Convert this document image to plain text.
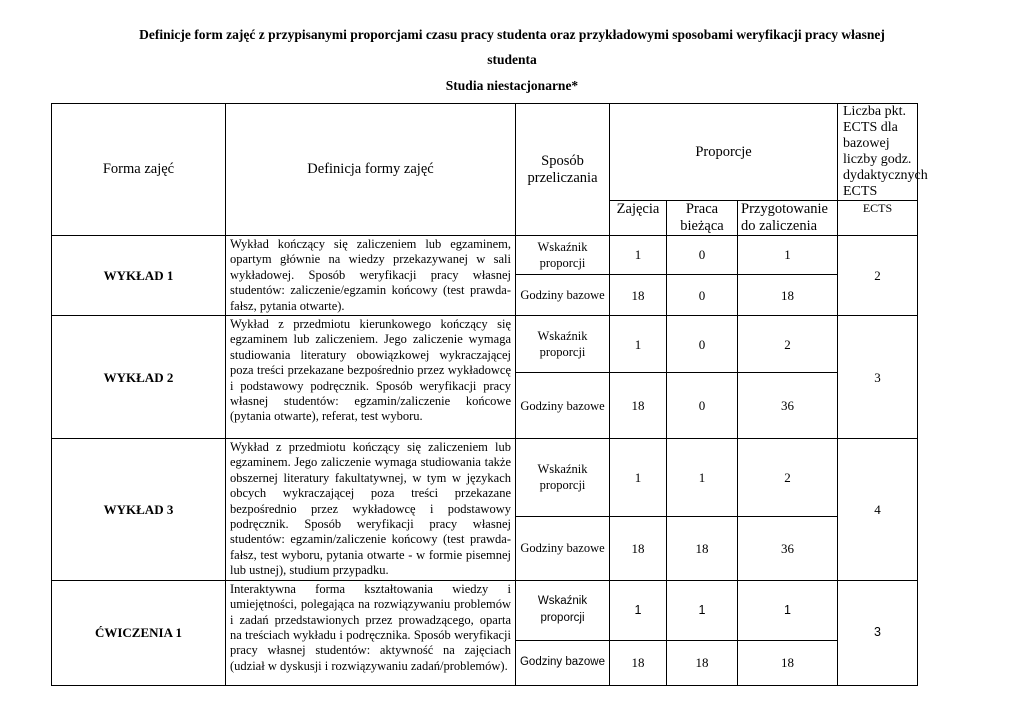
Definicje form zajęć z przypisanymi proporcjami czasu pracy studenta oraz przykładowymi sposobami weryfikacji pracy własnej
studenta
Studia niestacjonarne*
Forma zajęć	Definicja formy zajęć	Sposób przeliczania	Proporcje			Liczba pkt. ECTS dla bazowej liczby godz. dydaktycznych ECTS
			Zajęcia	Praca bieżąca	Przygotowanie do zaliczenia	ECTS
WYKŁAD 1	Wykład kończący się zaliczeniem lub egzaminem, opartym głównie na wiedzy przekazywanej w sali wykładowej. Sposób weryfikacji pracy własnej studentów: zaliczenie/egzamin końcowy (test prawda-fałsz, pytania otwarte).	Wskaźnik proporcji	1	0	1	2
		Godziny bazowe	18	0	18	
WYKŁAD 2	Wykład z przedmiotu kierunkowego kończący się egzaminem lub zaliczeniem. Jego zaliczenie wymaga studiowania literatury obowiązkowej wykraczającej poza treści przekazane bezpośrednio przez wykładowcę i podstawowy podręcznik. Sposób weryfikacji pracy własnej studentów: egzamin/zaliczenie końcowe (pytania otwarte), referat, test wyboru.	Wskaźnik proporcji	1	0	2	3
		Godziny bazowe	18	0	36	
WYKŁAD 3	Wykład z przedmiotu kończący się zaliczeniem lub egzaminem. Jego zaliczenie wymaga studiowania także obszernej literatury fakultatywnej, w tym w językach obcych wykraczającej poza treści przekazane bezpośrednio przez wykładowcę i podstawowy podręcznik. Sposób weryfikacji pracy własnej studentów: egzamin/zaliczenie końcowy (test prawda-fałsz, test wyboru, pytania otwarte - w formie pisemnej lub ustnej), studium przypadku.	Wskaźnik proporcji	1	1	2	4
		Godziny bazowe	18	18	36	
ĆWICZENIA 1	Interaktywna forma kształtowania wiedzy i umiejętności, polegająca na rozwiązywaniu problemów i zadań przedstawionych przez prowadzącego, oparta na treściach wykładu i podręcznika. Sposób weryfikacji pracy własnej studentów: aktywność na zajęciach (udział w dyskusji i rozwiązywaniu zadań/problemów).	Wskaźnik proporcji	1	1	1	3
		Godziny bazowe	18	18	18	
